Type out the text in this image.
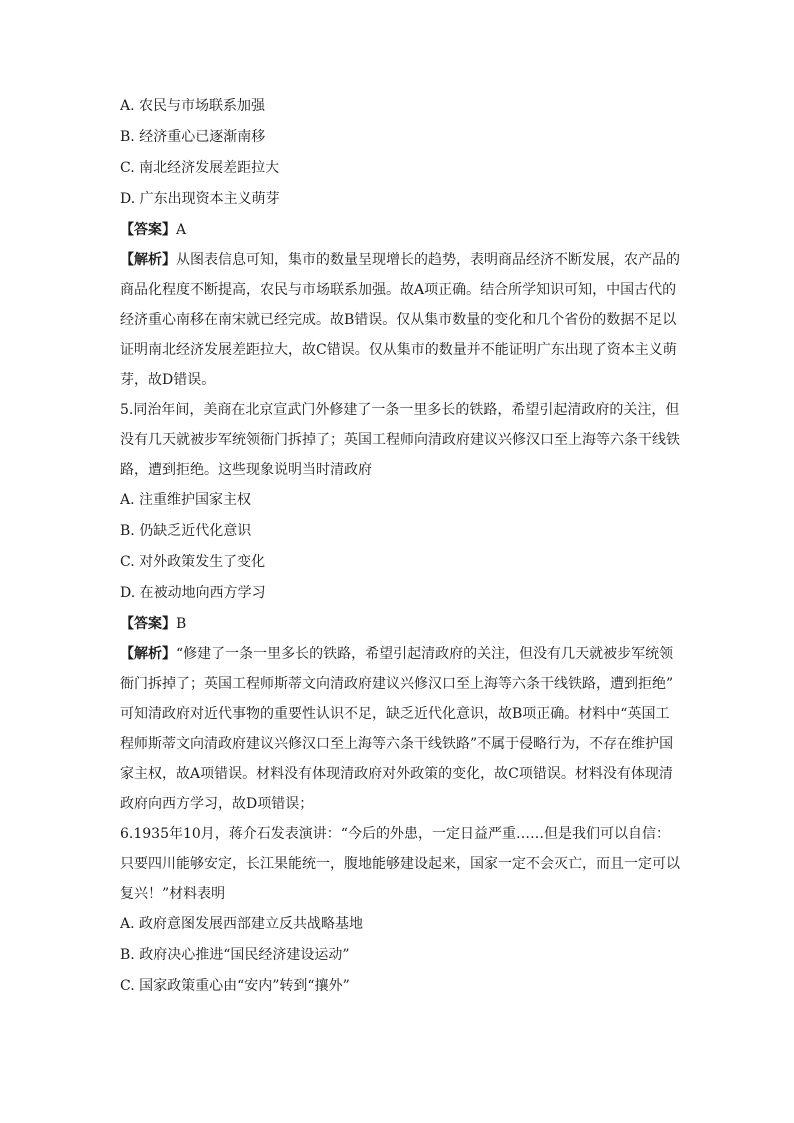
A. 农民与市场联系加强
B. 经济重心已逐渐南移
C. 南北经济发展差距拉大
D. 广东出现资本主义萌芽
【答案】A
【解析】从图表信息可知，集市的数量呈现增长的趋势，表明商品经济不断发展，农产品的
商品化程度不断提高，农民与市场联系加强。故A项正确。结合所学知识可知，中国古代的
经济重心南移在南宋就已经完成。故B错误。仅从集市数量的变化和几个省份的数据不足以
证明南北经济发展差距拉大，故C错误。仅从集市的数量并不能证明广东出现了资本主义萌
芽，故D错误。
5.同治年间，美商在北京宣武门外修建了一条一里多长的铁路，希望引起清政府的关注，但
没有几天就被步军统领衙门拆掉了；英国工程师向清政府建议兴修汉口至上海等六条干线铁
路，遭到拒绝。这些现象说明当时清政府
A. 注重维护国家主权
B. 仍缺乏近代化意识
C. 对外政策发生了变化
D. 在被动地向西方学习
【答案】B
【解析】“修建了一条一里多长的铁路，希望引起清政府的关注，但没有几天就被步军统领
衙门拆掉了；英国工程师斯蒂文向清政府建议兴修汉口至上海等六条干线铁路，遭到拒绝”
可知清政府对近代事物的重要性认识不足，缺乏近代化意识，故B项正确。材料中“英国工
程师斯蒂文向清政府建议兴修汉口至上海等六条干线铁路”不属于侵略行为，不存在维护国
家主权，故A项错误。材料没有体现清政府对外政策的变化，故C项错误。材料没有体现清
政府向西方学习，故D项错误；
6.1935年10月，蒋介石发表演讲：“今后的外患，一定日益严重……但是我们可以自信：
只要四川能够安定，长江果能统一，腹地能够建设起来，国家一定不会灭亡，而且一定可以
复兴！”材料表明
A. 政府意图发展西部建立反共战略基地
B. 政府决心推进“国民经济建设运动”
C. 国家政策重心由“安内”转到“攘外”
